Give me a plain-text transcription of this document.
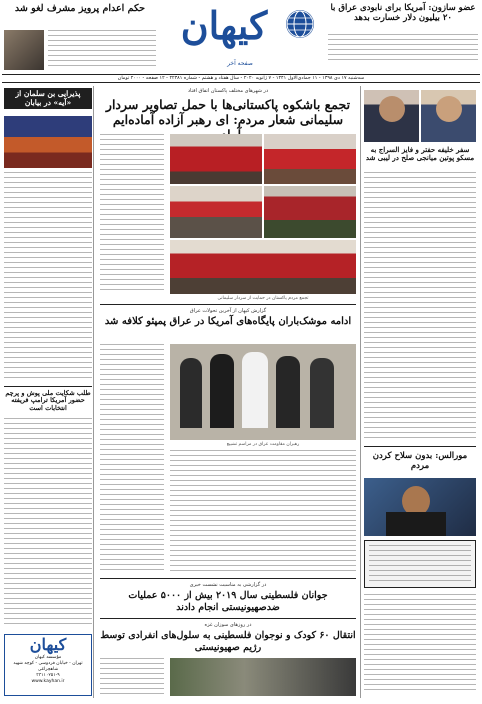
عضو سازون: آمریکا برای نابودی عراق با ۲۰ بیلیون دلار خسارت بدهد
کیهان
صفحه آخر
حکم اعدام پرویز مشرف لغو شد
سه‌شنبه ۱۷ دی ۱۳۹۸ - ۱۱ جمادی‌الاول ۱۴۴۱ - ۷ ژانویه ۲۰۲۰ - سال هفتاد و هشتم - شماره ۲۲۳۸۱ - ۱۲ صفحه - ۲۰۰۰ تومان
سفر خلیفه حفتر و فایز السراج به مسکو پوتین میانجی صلح در لیبی شد
مورالس: بدون سلاح کردن مردم
پذیرایی بن سلمان از «آیه» در بیابان
طلب شکایت ملی پوش و پرچم حضور آمریکا ترامپ فریفته انتخابات است
کیهان
مؤسسه کیهان
تهران - خیابان فردوسی - کوچه شهید شاهچراغی
۳۳۱۱۰۲۵۱-۹
www.kayhan.ir
در شهرهای مختلف پاکستان اتفاق افتاد
تجمع باشکوه پاکستانی‌ها با حمل تصاویر سردار سلیمانی شعار مردم: ای رهبر آزاده آماده‌ایم
تجمع مردم پاکستان در حمایت از سردار سلیمانی
گزارش کیهان از آخرین تحولات عراق
ادامه موشک‌باران پایگاه‌های آمریکا در عراق پمپئو کلافه شد
رهبران مقاومت عراق در مراسم تشییع
در گزارشی به مناسبت نشست خبری
جوانان فلسطینی سال ۲۰۱۹ بیش از ۵۰۰۰ عملیات ضدصهیونیستی انجام دادند
در روزهای سوزان غزه
انتقال ۶۰ کودک و نوجوان فلسطینی به سلول‌های انفرادی توسط رژیم صهیونیستی
